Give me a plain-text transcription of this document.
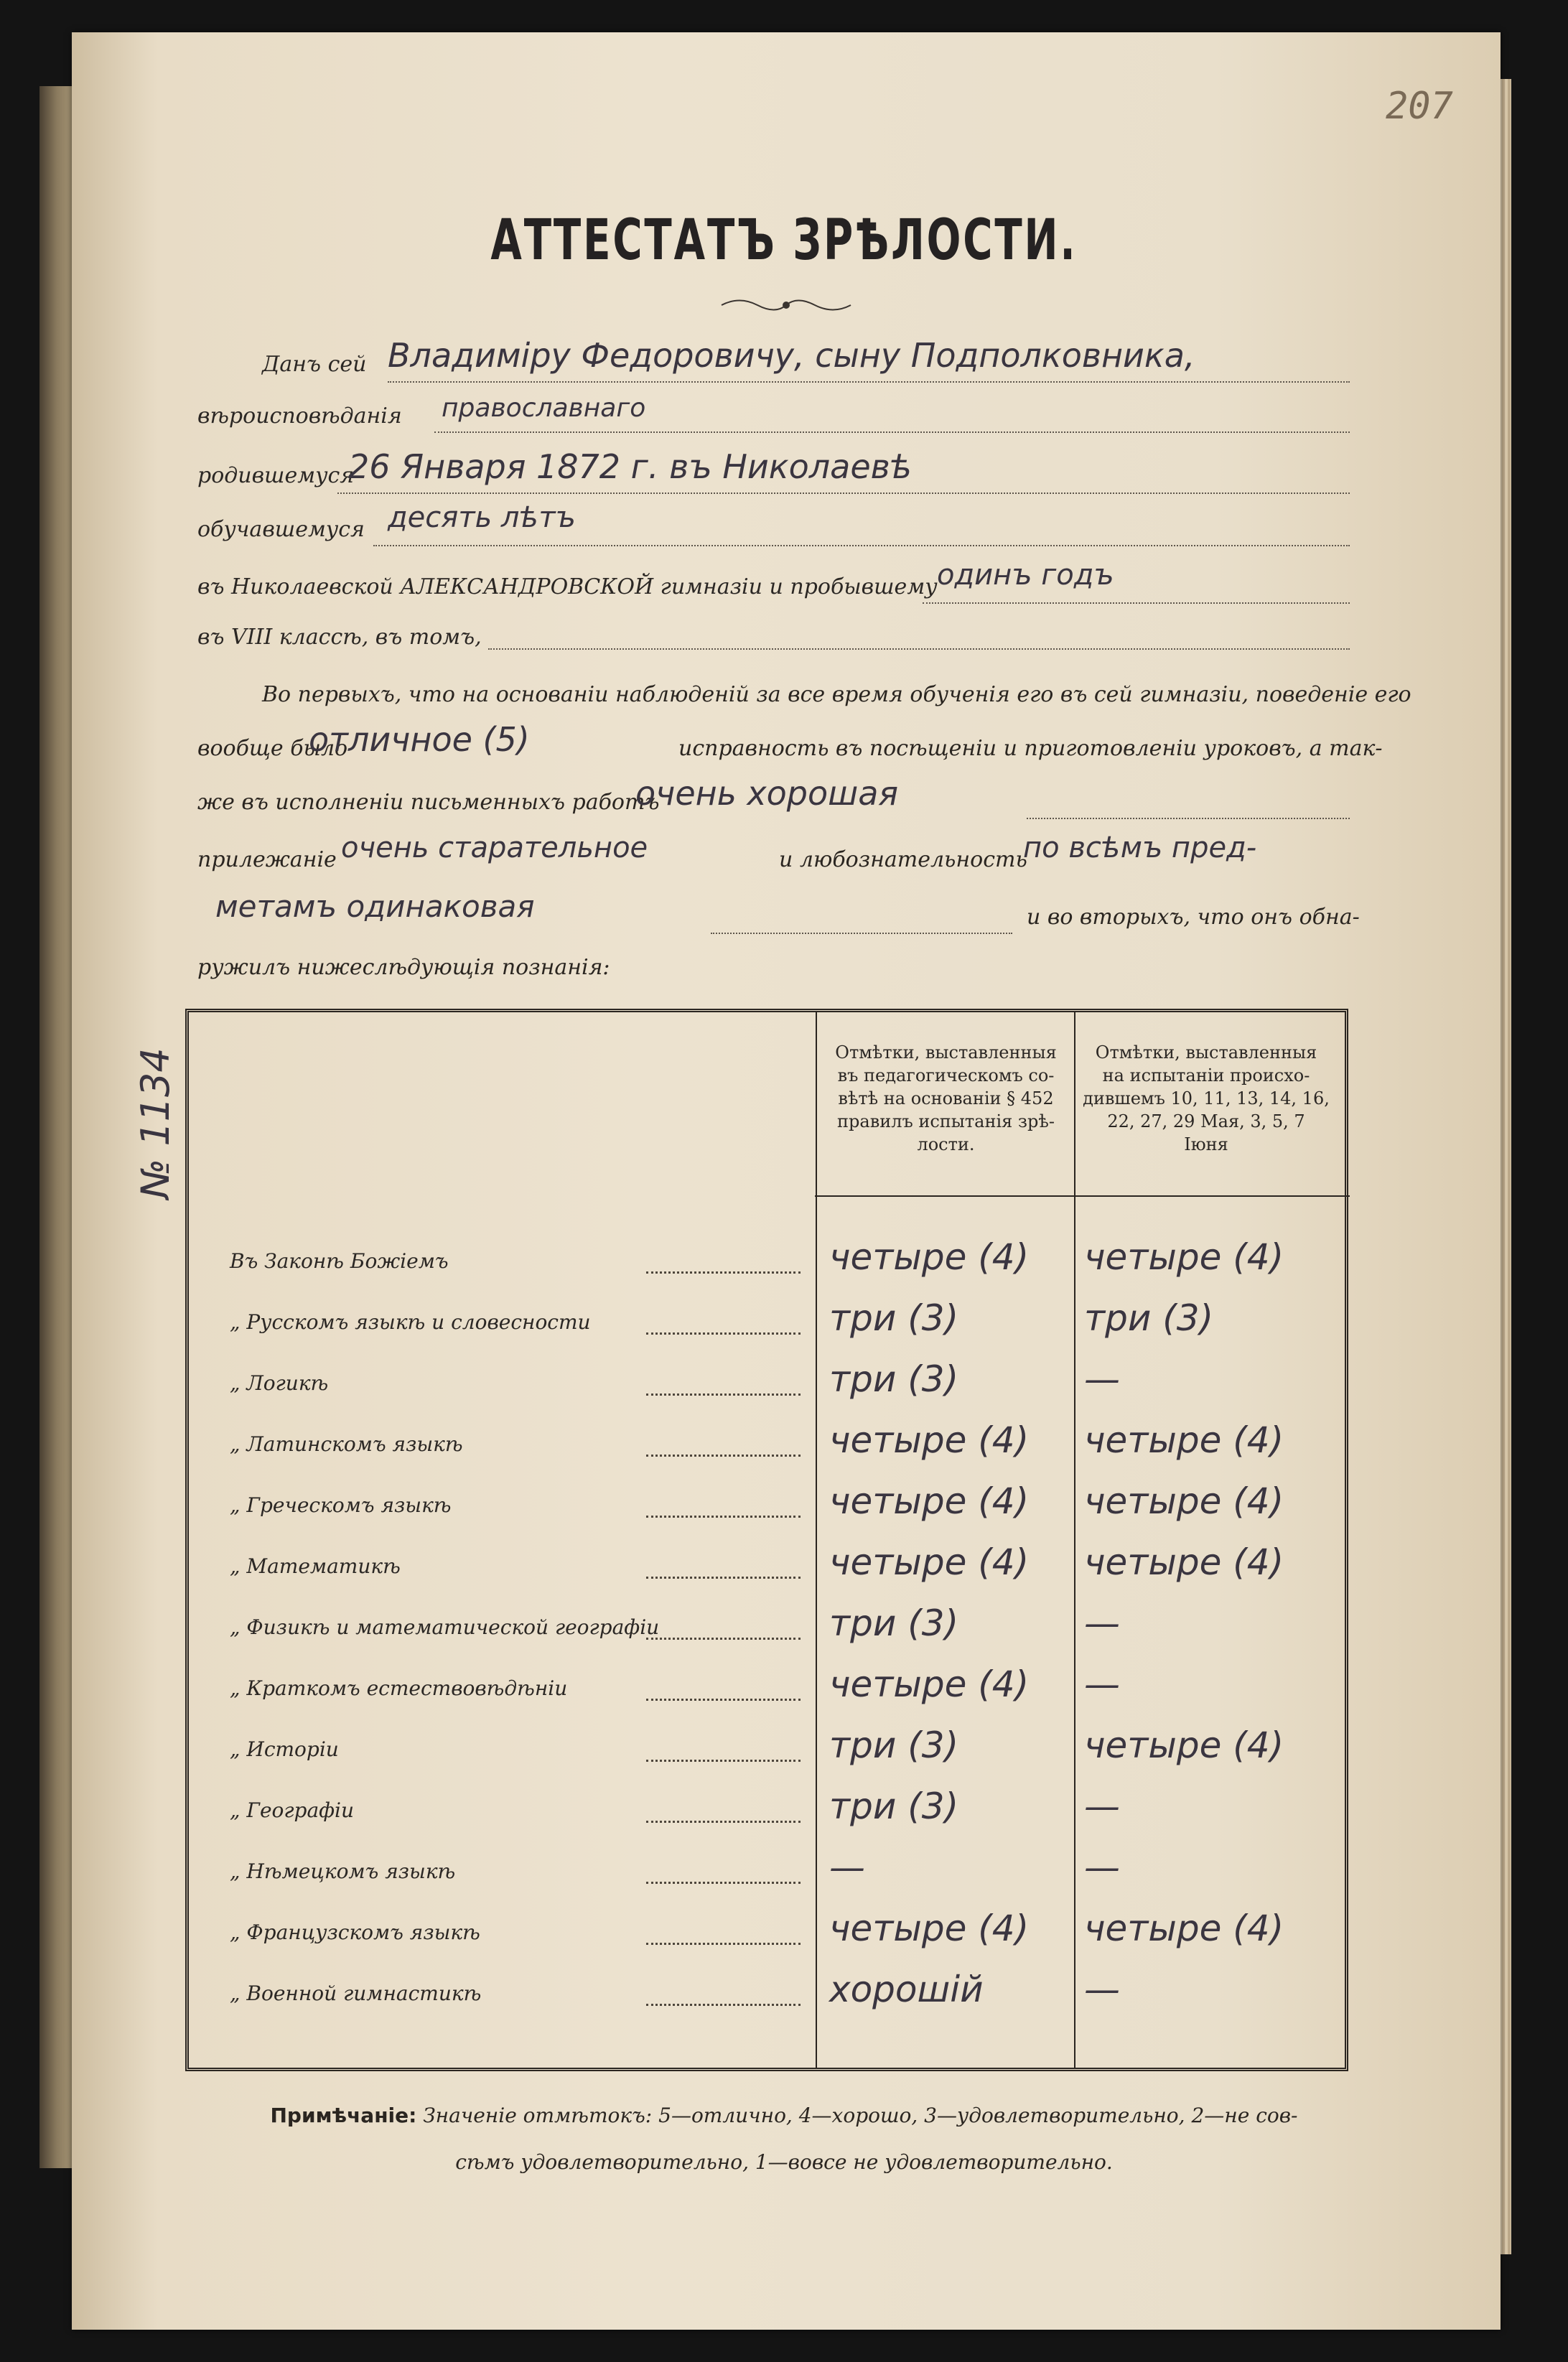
207
АТТЕСТАТЪ ЗРѢЛОСТИ.
Данъ сей Владиміру Федоровичу, сыну Подполковника,
вѣроисповѣданія православнаго
родившемуся
26 Января 1872 г. въ Николаевѣ
обучавшемуся десять лѣтъ
въ Николаевской АЛЕКСАНДРОВСКОЙ гимназіи и пробывшему одинъ годъ
въ VIII классѣ, въ томъ,
Во первыхъ, что на основаніи наблюденій за все время обученія его въ сей гимназіи, поведеніе его
вообще было
отличное (5)	исправность въ посѣщеніи и приготовленіи уроковъ, а так-
же въ исполненіи письменныхъ работъ
очень хорошая
прилежаніе очень старательное	и любознательность
по всѣмъ пред-
метамъ одинаковая	и во вторыхъ, что онъ обна-
ружилъ нижеслѣдующія познанія:
№ 1134	Отмѣтки, выставленныя
въ педагогическомъ со-
вѣтѣ на основаніи § 452
правилъ испытанія зрѣ-
лости.
Отмѣтки, выставленныя
на испытаніи происхо-
дившемъ 10, 11, 13, 14, 16,
22, 27, 29 Мая, 3, 5, 7
Іюня
Въ Законѣ Божіемъ	четыре (4) четыре (4)
„ Русскомъ языкѣ и словесности	три (3)	три (3)
„ Логикѣ	три (3)	—
„ Латинскомъ языкѣ	четыре (4) четыре (4)
„ Греческомъ языкѣ	четыре (4) четыре (4)
„ Математикѣ	четыре (4) четыре (4)
„ Физикѣ и математической географіи	три (3)	—
„ Краткомъ естествовѣдѣніи	четыре (4) —
„ Исторіи	три (3)	четыре (4)
„ Географіи	три (3)	—
„ Нѣмецкомъ языкѣ	—	—
„ Французскомъ языкѣ	четыре (4) четыре (4)
„ Военной гимнастикѣ	хорошій	—
Примѣчаніе: Значеніе отмѣтокъ: 5—отлично, 4—хорошо, 3—удовлетворительно, 2—не сов-
сѣмъ удовлетворительно, 1—вовсе не удовлетворительно.
